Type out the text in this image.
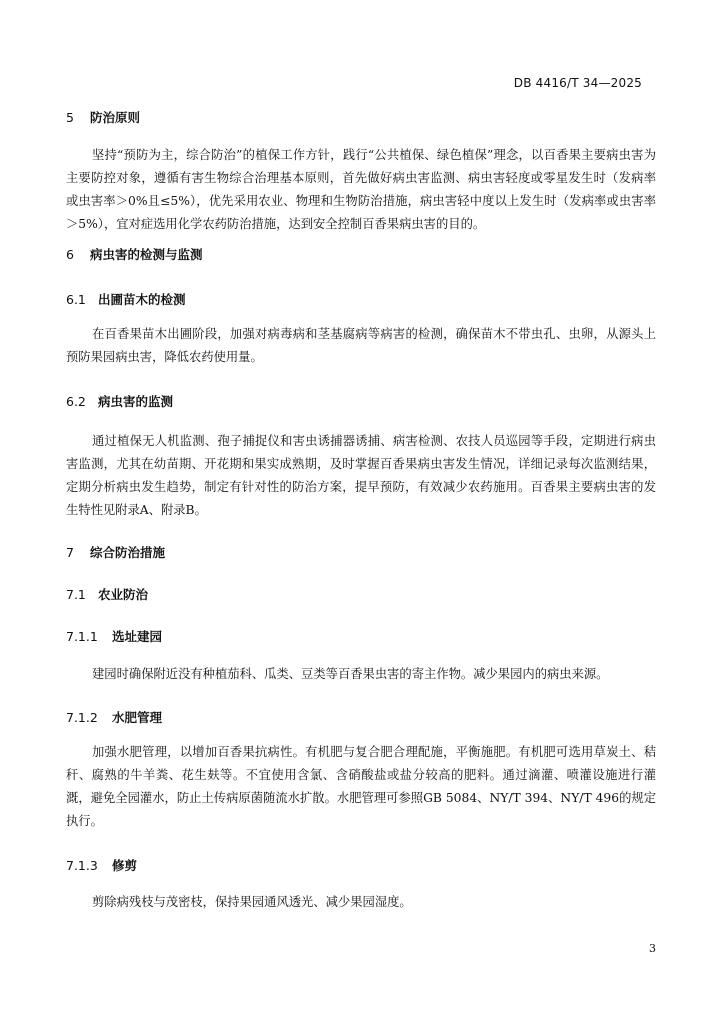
DB 4416/T 34—2025
5 防治原则
坚持“预防为主，综合防治”的植保工作方针，践行“公共植保、绿色植保”理念，以百香果主要病虫害为主要防控对象，遵循有害生物综合治理基本原则，首先做好病虫害监测、病虫害轻度或零星发生时（发病率或虫害率＞0%且≤5%），优先采用农业、物理和生物防治措施，病虫害轻中度以上发生时（发病率或虫害率＞5%），宜对症选用化学农药防治措施，达到安全控制百香果病虫害的目的。
6 病虫害的检测与监测
6.1 出圃苗木的检测
在百香果苗木出圃阶段，加强对病毒病和茎基腐病等病害的检测，确保苗木不带虫孔、虫卵，从源头上预防果园病虫害，降低农药使用量。
6.2 病虫害的监测
通过植保无人机监测、孢子捕捉仪和害虫诱捕器诱捕、病害检测、农技人员巡园等手段，定期进行病虫害监测，尤其在幼苗期、开花期和果实成熟期，及时掌握百香果病虫害发生情况，详细记录每次监测结果，定期分析病虫发生趋势，制定有针对性的防治方案，提早预防，有效减少农药施用。百香果主要病虫害的发生特性见附录A、附录B。
7 综合防治措施
7.1 农业防治
7.1.1 选址建园
建园时确保附近没有种植茄科、瓜类、豆类等百香果虫害的寄主作物。减少果园内的病虫来源。
7.1.2 水肥管理
加强水肥管理，以增加百香果抗病性。有机肥与复合肥合理配施，平衡施肥。有机肥可选用草炭土、秸秆、腐熟的牛羊粪、花生麸等。不宜使用含氯、含硝酸盐或盐分较高的肥料。通过滴灌、喷灌设施进行灌溉，避免全园灌水，防止土传病原菌随流水扩散。水肥管理可参照GB 5084、NY/T 394、NY/T 496的规定执行。
7.1.3 修剪
剪除病残枝与茂密枝，保持果园通风透光、减少果园湿度。
3
